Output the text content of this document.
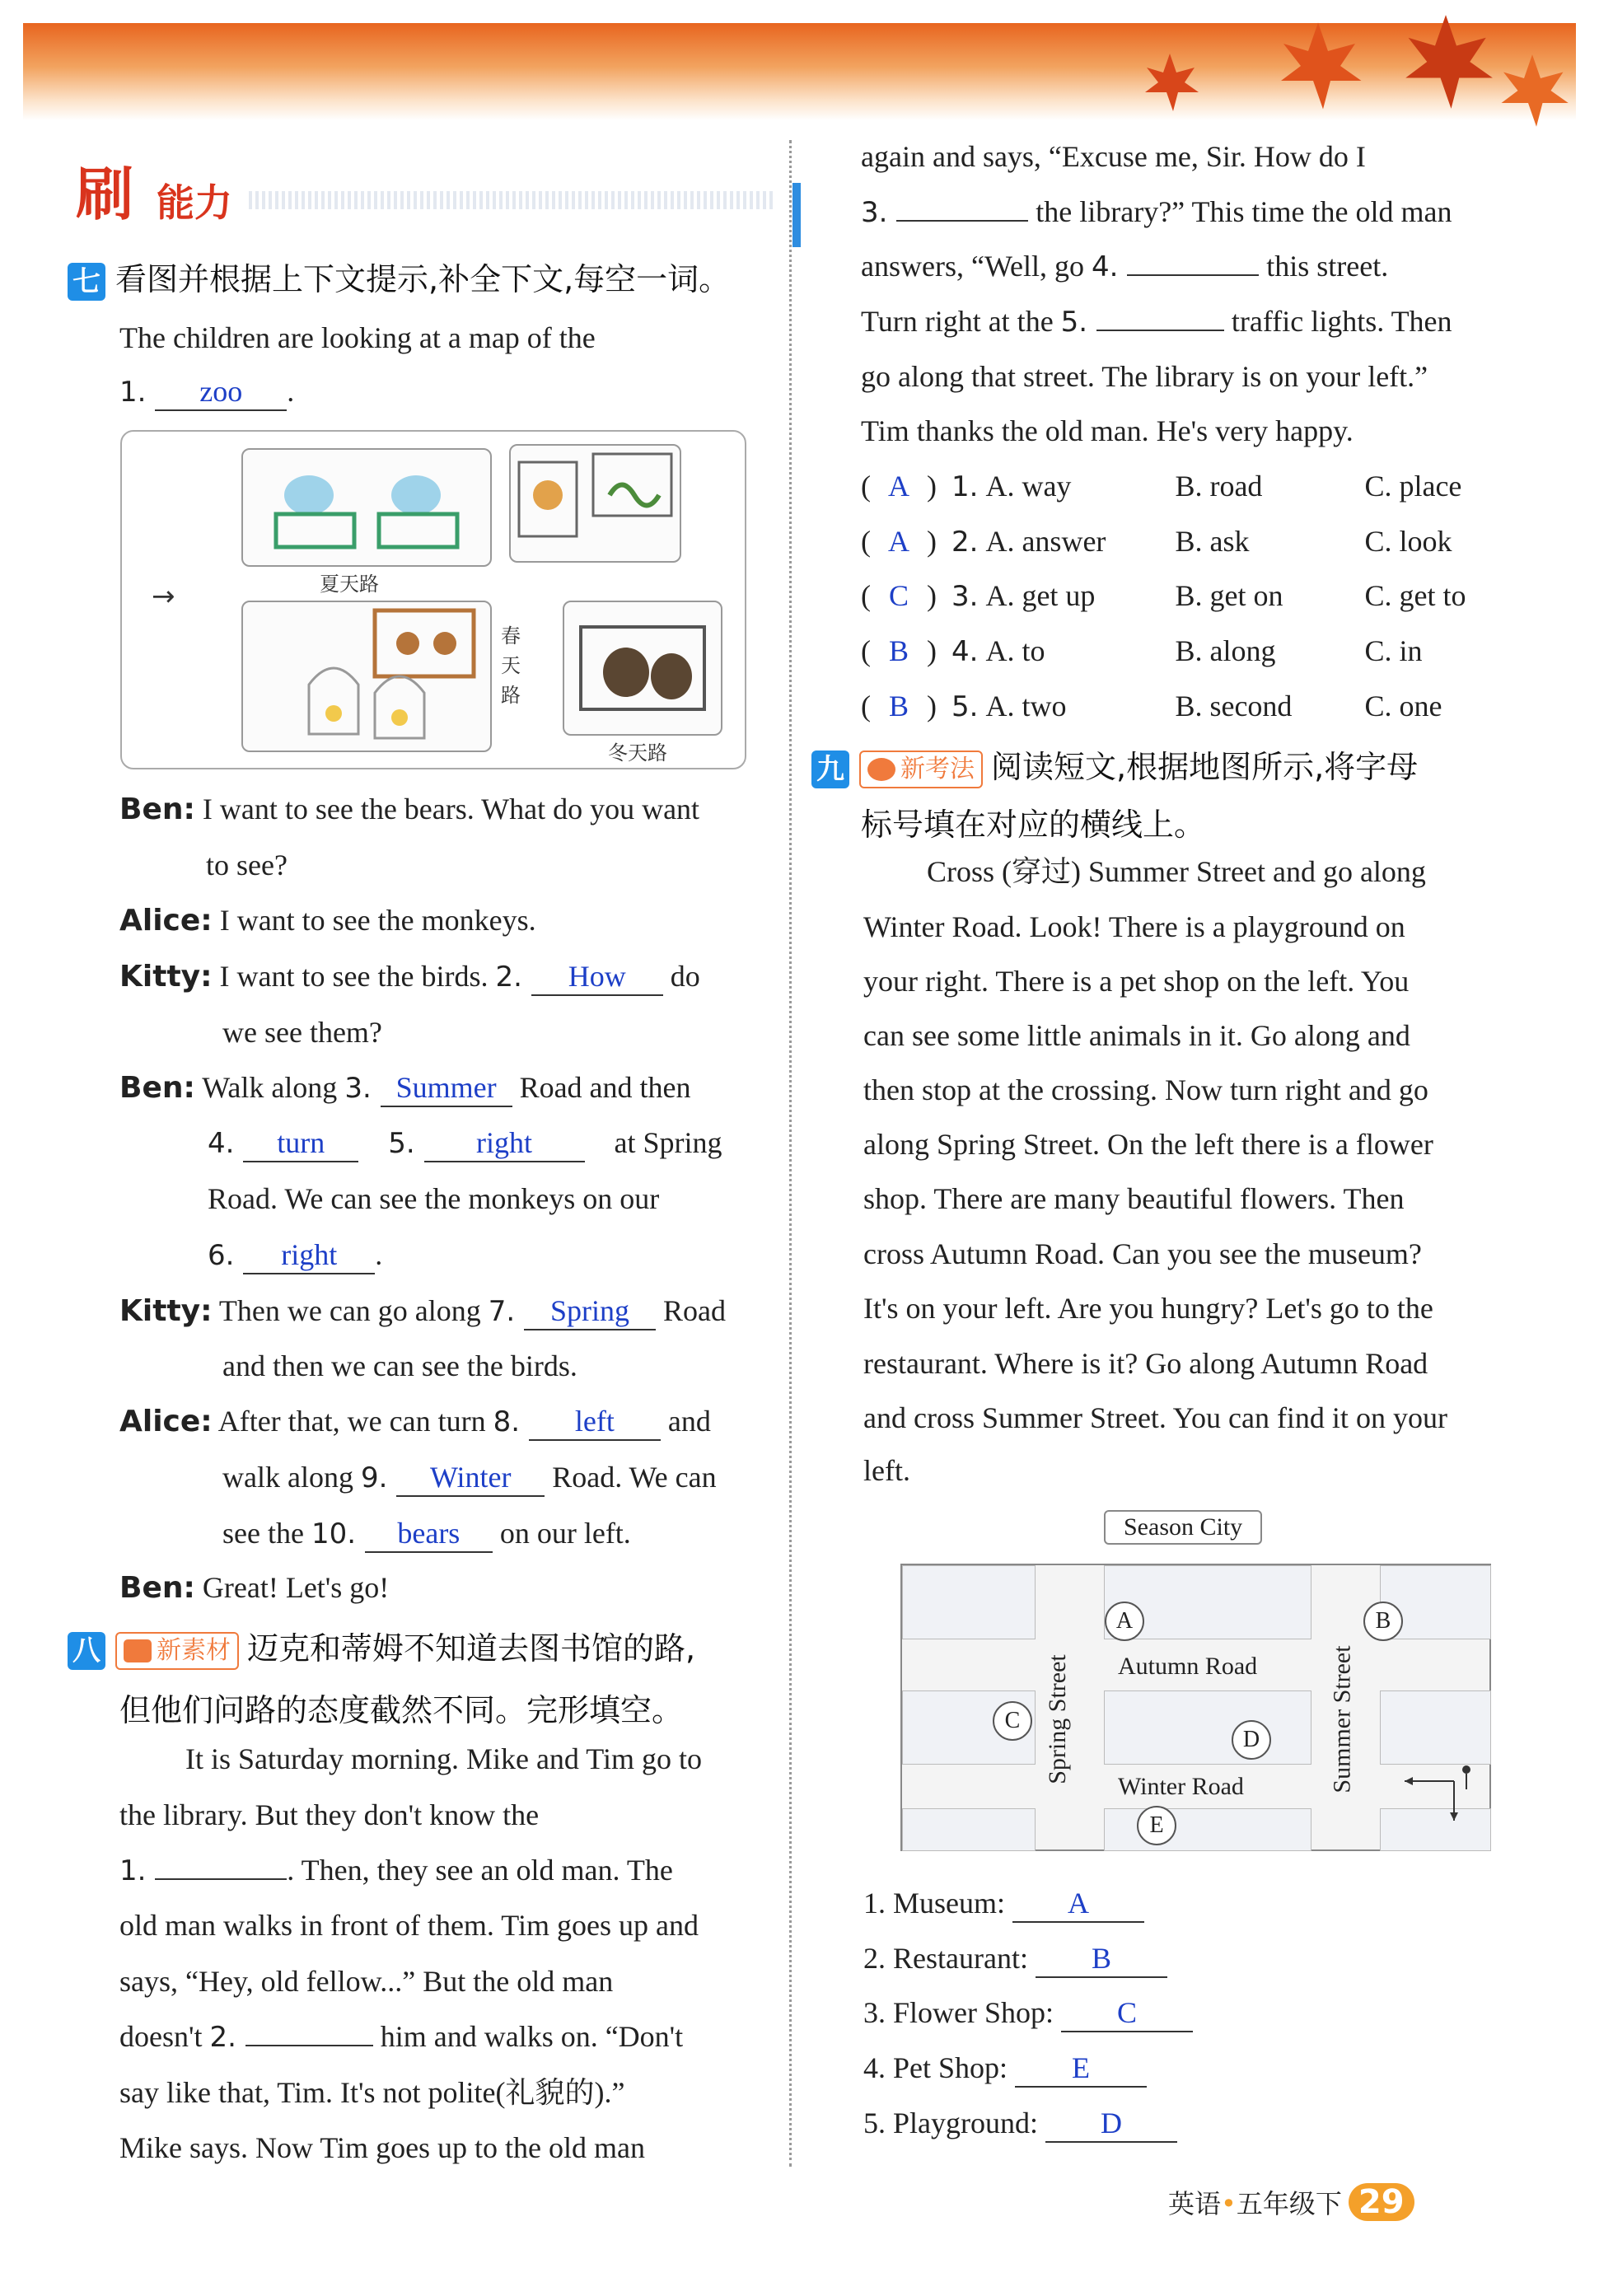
刷 能力
七 看图并根据上下文提示,补全下文,每空一词。
The children are looking at a map of the
1. zoo .
→	夏天路
春天路
冬天路
Ben: I want to see the bears. What do you want
to see?
Alice: I want to see the monkeys.
Kitty: I want to see the birds. 2. How do
we see them?
Ben: Walk along 3. Summer Road and then
4. turn 5. right	at Spring
Road. We can see the monkeys on our
6. right .
Kitty: Then we can go along 7. Spring Road
and then we can see the birds.
Alice: After that, we can turn 8. left and
walk along 9. Winter Road. We can
see the 10. bears on our left.
Ben: Great! Let's go!
八 新素材 迈克和蒂姆不知道去图书馆的路,
但他们问路的态度截然不同。完形填空。
It is Saturday morning. Mike and Tim go to
the library. But they don't know the
1.	. Then, they see an old man. The
old man walks in front of them. Tim goes up and
says, “Hey, old fellow...” But the old man
doesn't 2.	him and walks on. “Don't
say like that, Tim. It's not polite(礼貌的).”
Mike says. Now Tim goes up to the old man
again and says, “Excuse me, Sir. How do I
3.	the library?” This time the old man
answers, “Well, go 4.	this street.
Turn right at the 5.	traffic lights. Then
go along that street. The library is on your left.”
Tim thanks the old man. He's very happy.
( A ) 1. A. way	B. road	C. place
( A ) 2. A. answer B. ask	C. look
( C ) 3. A. get up	B. get on	C. get to
( B ) 4. A. to	B. along	C. in
( B ) 5. A. two	B. second C. one
九 新考法 阅读短文,根据地图所示,将字母
标号填在对应的横线上。
Cross (穿过) Summer Street and go along
Winter Road. Look! There is a playground on
your right. There is a pet shop on the left. You
can see some little animals in it. Go along and
then stop at the crossing. Now turn right and go
along Spring Street. On the left there is a flower
shop. There are many beautiful flowers. Then
cross Autumn Road. Can you see the museum?
It's on your left. Are you hungry? Let's go to the
restaurant. Where is it? Go along Autumn Road
and cross Summer Street. You can find it on your
left.
Season City
Autumn Road
Winter Road
Spring Street	Summer Street
A	B
C
D
E
1. Museum: A
2. Restaurant: B
3. Flower Shop: C
4. Pet Shop: E
5. Playground: D
英语•五年级下 29
